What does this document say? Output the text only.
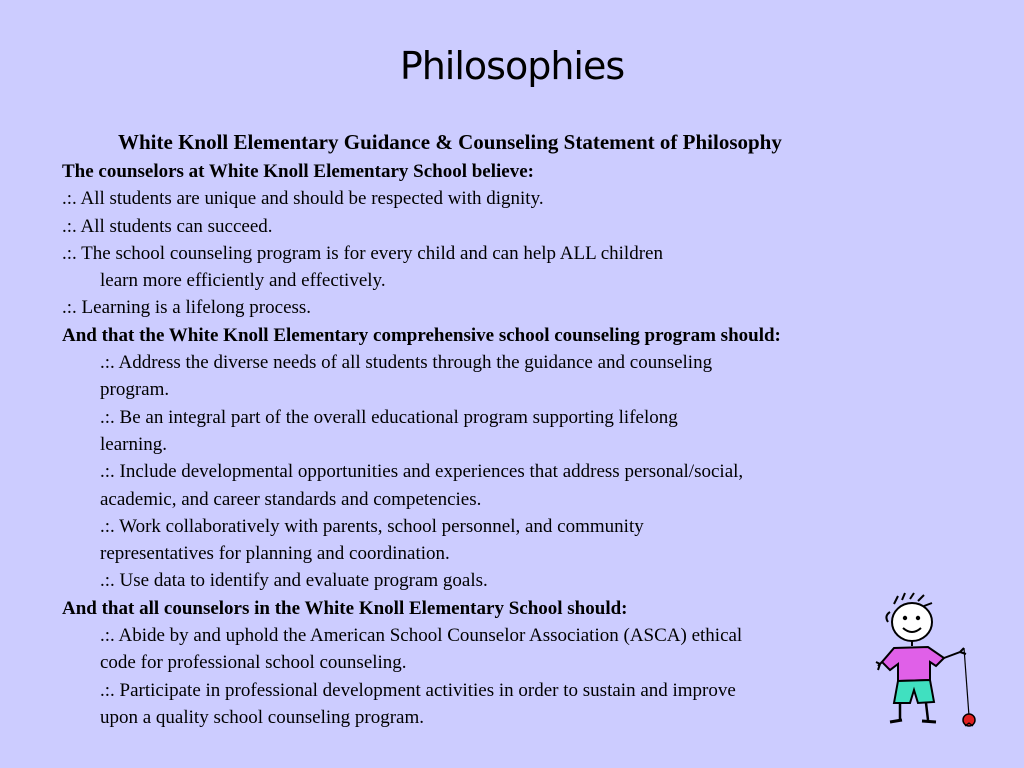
Philosophies
White Knoll Elementary Guidance & Counseling Statement of Philosophy
The counselors at White Knoll Elementary School believe:
.:. All students are unique and should be respected with dignity.
.:. All students can succeed.
.:. The school counseling program is for every child and can help ALL children
learn more efficiently and effectively.
.:. Learning is a lifelong process.
And that the White Knoll Elementary comprehensive school counseling program should:
.:. Address the diverse needs of all students through the guidance and counseling
program.
.:. Be an integral part of the overall educational program supporting lifelong
learning.
.:. Include developmental opportunities and experiences that address personal/social,
academic, and career standards and competencies.
.:. Work collaboratively with parents, school personnel, and community
representatives for planning and coordination.
.:. Use data to identify and evaluate program goals.
And that all counselors in the White Knoll Elementary School should:
.:. Abide by and uphold the American School Counselor Association (ASCA) ethical
code for professional school counseling.
.:. Participate in professional development activities in order to sustain and improve
upon a quality school counseling program.
